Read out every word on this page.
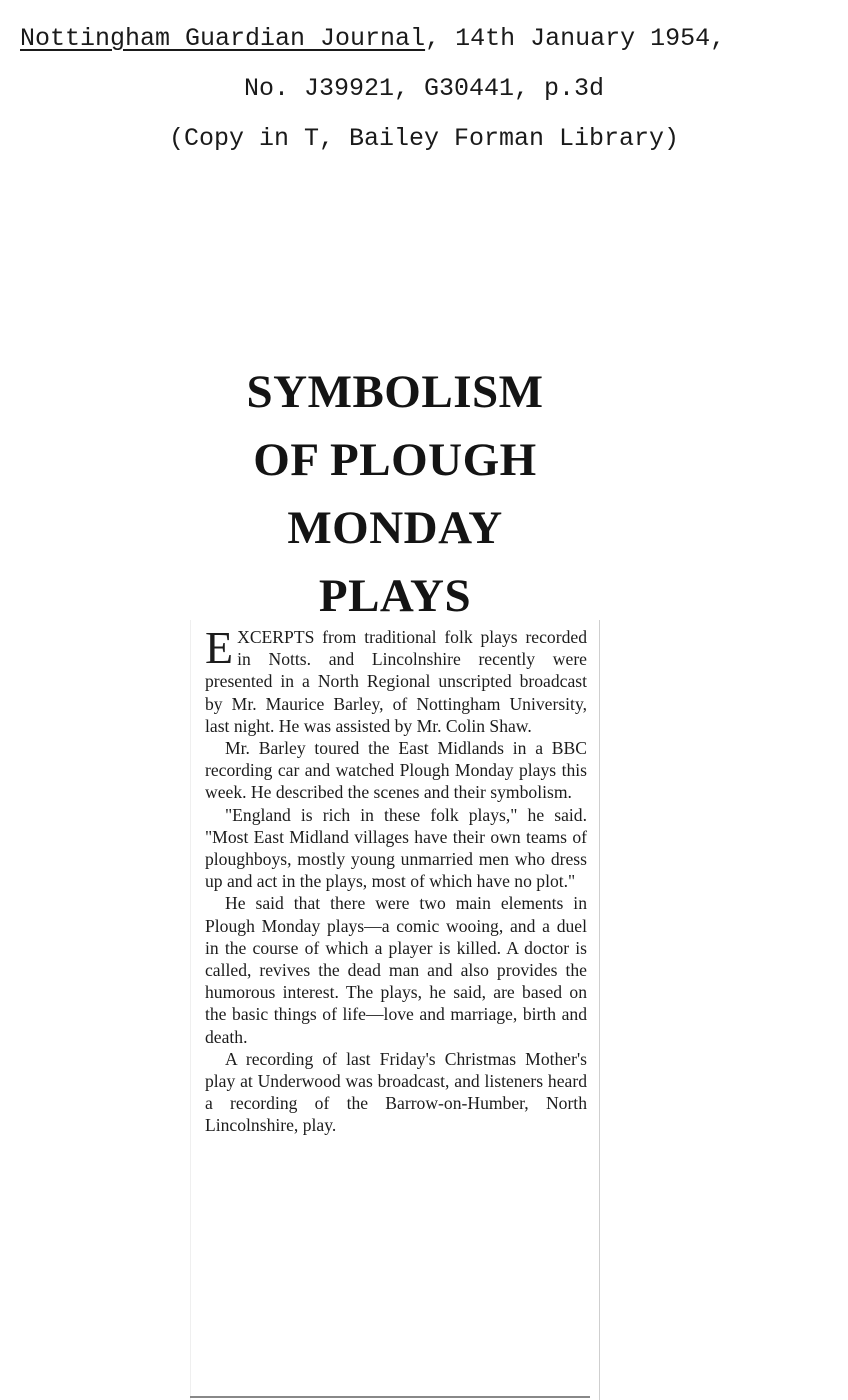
Nottingham Guardian Journal, 14th January 1954,
No. J39921, G30441, p.3d
(Copy in T, Bailey Forman Library)
SYMBOLISM
OF PLOUGH
MONDAY
PLAYS

EXCERPTS from traditional folk plays recorded in Notts. and Lincolnshire recently were presented in a North Regional unscripted broadcast by Mr. Maurice Barley, of Nottingham University, last night. He was assisted by Mr. Colin Shaw.

Mr. Barley toured the East Midlands in a BBC recording car and watched Plough Monday plays this week. He described the scenes and their symbolism.

"England is rich in these folk plays," he said. "Most East Midland villages have their own teams of ploughboys, mostly young unmarried men who dress up and act in the plays, most of which have no plot."

He said that there were two main elements in Plough Monday plays—a comic wooing, and a duel in the course of which a player is killed. A doctor is called, revives the dead man and also provides the humorous interest. The plays, he said, are based on the basic things of life—love and marriage, birth and death.

A recording of last Friday's Christmas Mother's play at Underwood was broadcast, and listeners heard a recording of the Barrow-on-Humber, North Lincolnshire, play.
